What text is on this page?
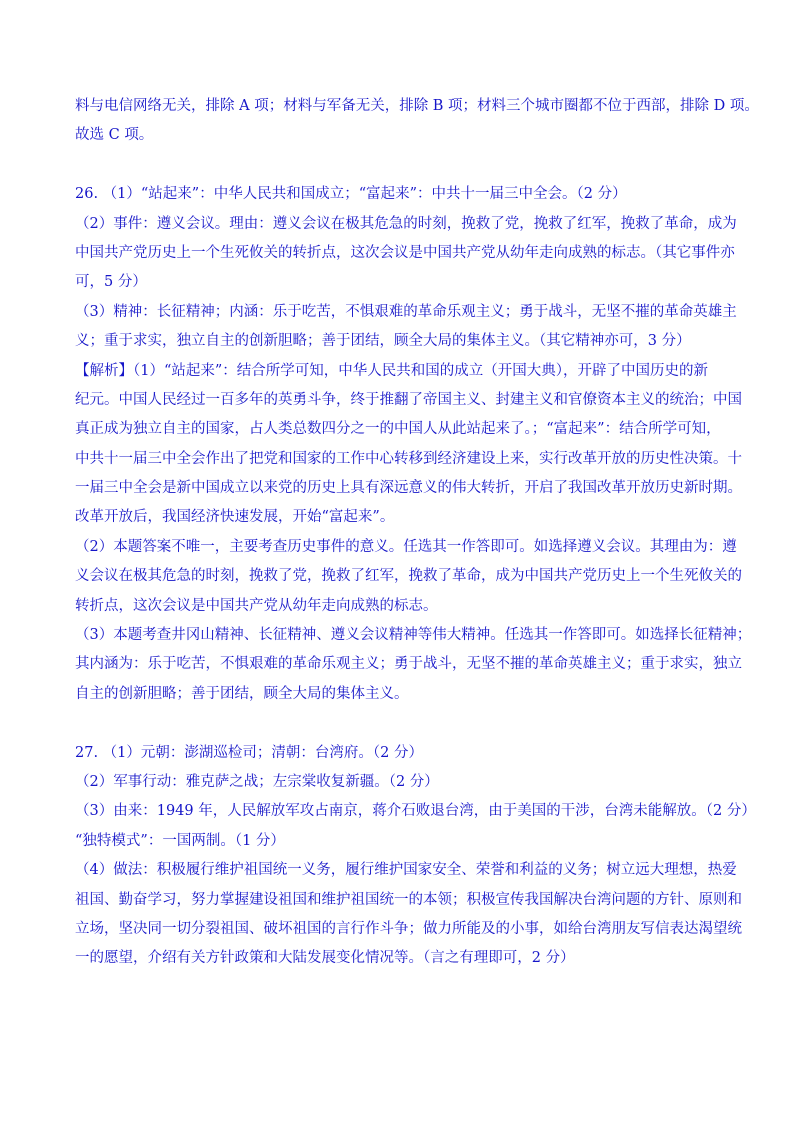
料与电信网络无关，排除 A 项；材料与军备无关，排除 B 项；材料三个城市圈都不位于西部，排除 D 项。
故选 C 项。
26. （1）“站起来”：中华人民共和国成立；“富起来”：中共十一届三中全会。（2 分）
（2）事件：遵义会议。理由：遵义会议在极其危急的时刻，挽救了党，挽救了红军，挽救了革命，成为
中国共产党历史上一个生死攸关的转折点，这次会议是中国共产党从幼年走向成熟的标志。（其它事件亦
可，5 分）
（3）精神：长征精神；内涵：乐于吃苦，不惧艰难的革命乐观主义；勇于战斗，无坚不摧的革命英雄主
义；重于求实，独立自主的创新胆略；善于团结，顾全大局的集体主义。（其它精神亦可，3 分）
【解析】（1）“站起来”：结合所学可知，中华人民共和国的成立（开国大典），开辟了中国历史的新
纪元。中国人民经过一百多年的英勇斗争，终于推翻了帝国主义、封建主义和官僚资本主义的统治；中国
真正成为独立自主的国家，占人类总数四分之一的中国人从此站起来了。；“富起来”：结合所学可知，
中共十一届三中全会作出了把党和国家的工作中心转移到经济建设上来，实行改革开放的历史性决策。十
一届三中全会是新中国成立以来党的历史上具有深远意义的伟大转折，开启了我国改革开放历史新时期。
改革开放后，我国经济快速发展，开始“富起来”。
（2）本题答案不唯一，主要考查历史事件的意义。任选其一作答即可。如选择遵义会议。其理由为：遵
义会议在极其危急的时刻，挽救了党，挽救了红军，挽救了革命，成为中国共产党历史上一个生死攸关的
转折点，这次会议是中国共产党从幼年走向成熟的标志。
（3）本题考查井冈山精神、长征精神、遵义会议精神等伟大精神。任选其一作答即可。如选择长征精神；
其内涵为：乐于吃苦，不惧艰难的革命乐观主义；勇于战斗，无坚不摧的革命英雄主义；重于求实，独立
自主的创新胆略；善于团结，顾全大局的集体主义。
27. （1）元朝：澎湖巡检司；清朝：台湾府。（2 分）
（2）军事行动：雅克萨之战；左宗棠收复新疆。（2 分）
（3）由来：1949 年，人民解放军攻占南京，蒋介石败退台湾，由于美国的干涉，台湾未能解放。（2 分）
“独特模式”：一国两制。（1 分）
（4）做法：积极履行维护祖国统一义务，履行维护国家安全、荣誉和利益的义务；树立远大理想，热爱
祖国、勤奋学习，努力掌握建设祖国和维护祖国统一的本领；积极宣传我国解决台湾问题的方针、原则和
立场，坚决同一切分裂祖国、破坏祖国的言行作斗争；做力所能及的小事，如给台湾朋友写信表达渴望统
一的愿望，介绍有关方针政策和大陆发展变化情况等。（言之有理即可，2 分）
